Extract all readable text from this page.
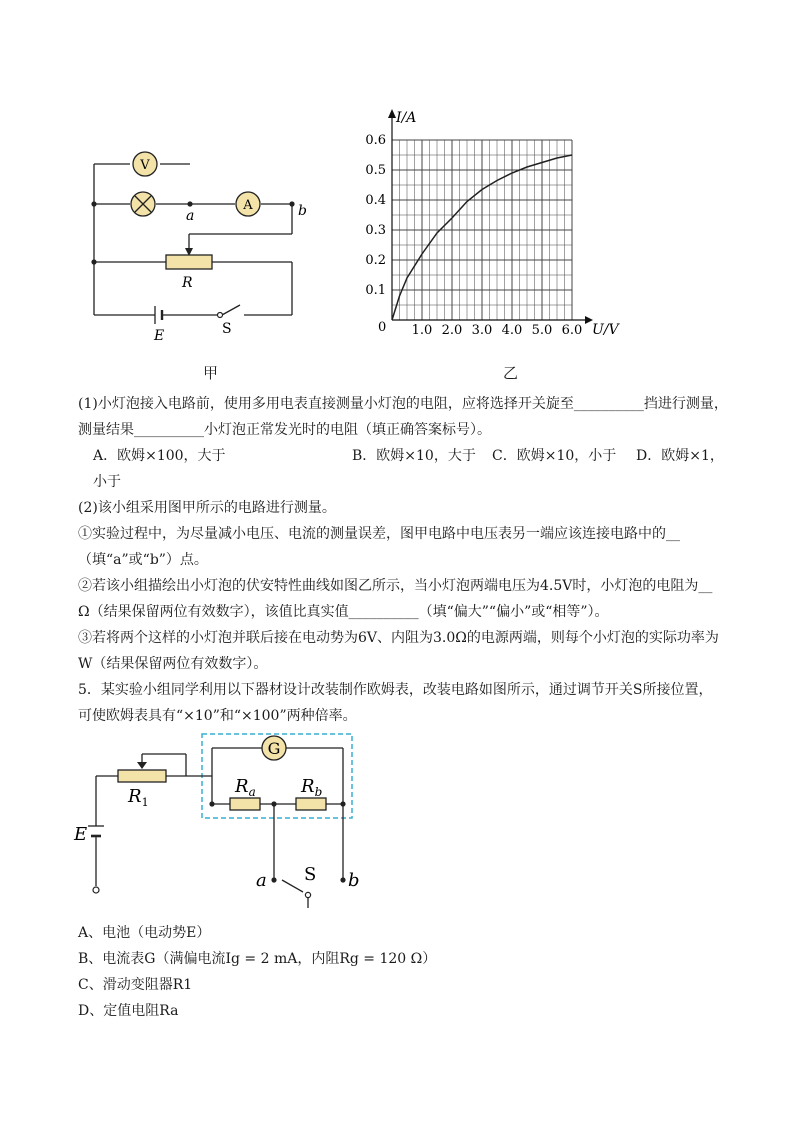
V
A
a	b
R
E	S
甲
1.0 2.0 3.0 4.0 5.0 6.0
0.1
0.2
0.3
0.4
0.5
0.6
I/A
U/V
0
乙
(1)小灯泡接入电路前，使用多用电表直接测量小灯泡的电阻，应将选择开关旋至__________挡进行测量，
测量结果__________小灯泡正常发光时的电阻（填正确答案标号）。
A．欧姆×100，大于	B．欧姆×10，大于 C．欧姆×10，小于 D．欧姆×1，
小于
(2)该小组采用图甲所示的电路进行测量。
①实验过程中，为尽量减小电压、电流的测量误差，图甲电路中电压表另一端应该连接电路中的__
（填“a”或“b”）点。
②若该小组描绘出小灯泡的伏安特性曲线如图乙所示，当小灯泡两端电压为4.5V时，小灯泡的电阻为__
Ω（结果保留两位有效数字），该值比真实值__________（填“偏大”“偏小”或“相等”）。
③若将两个这样的小灯泡并联后接在电动势为6V、内阻为3.0Ω的电源两端，则每个小灯泡的实际功率为
W（结果保留两位有效数字）。
5．某实验小组同学利用以下器材设计改装制作欧姆表，改装电路如图所示，通过调节开关S所接位置，
可使欧姆表具有“×10”和“×100”两种倍率。
G
$R_1$
$R_a$	$R_b$
E
a	b
S
A、电池（电动势E）
B、电流表G（满偏电流Ig = 2 mA，内阻Rg = 120 Ω）
C、滑动变阻器R1
D、定值电阻Ra
